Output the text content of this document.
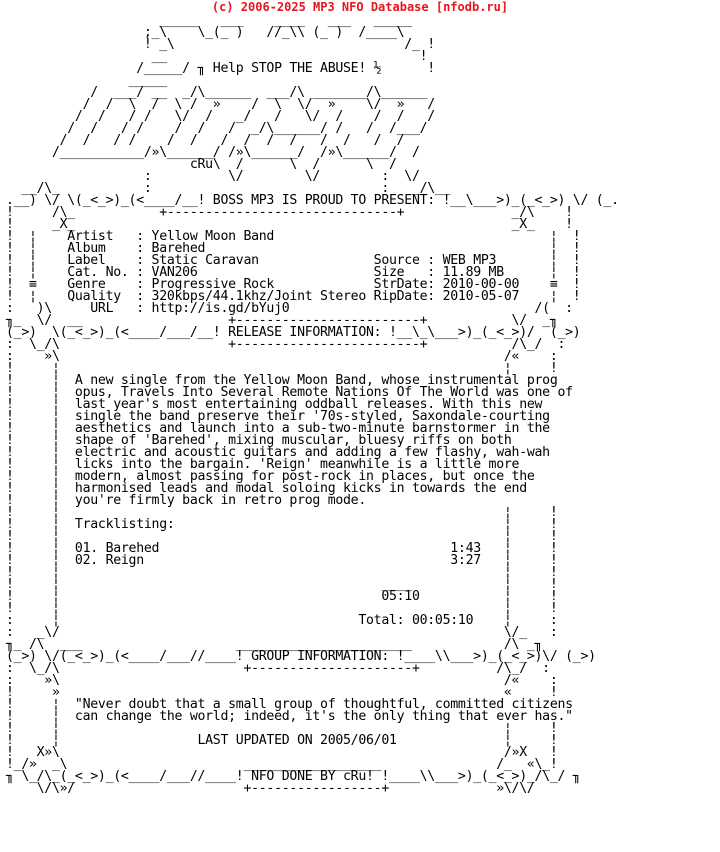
(c) 2006-2025 MP3 NFO Database [nfodb.ru]
_____   ___    ____   ___   _____
;_\    \_(_ )   //_\\ (_ )  /____\
! _\                              /_ !
__                                 !
/_____/ ╖ Help STOP THE ABUSE! ½      !
_____
/  ___/ __  _/\______  ___/\ _______/\______
/  /  \  /  \ /  »    /  \  \/  »    \/  »   /
/  /   / /   \/  /   _/   /   \/  /    /  /   /
/  /   / /    /  /   /  _/\______/ /   /  /___/
/  /   / /    /  /   /  /  /  /   /  /   /  /
/___________/»\______/ /»\______/  /»\______/  /
cRu\  /      \  /      \  /
:          \/        \/        :  \/
__/\_           :                              :   _/\__
.__) \/ \(_<_>)_(<____/__! BOSS MP3 IS PROUD TO PRESENT: !__\___>)_(_<_>) \/ (_.
!     /\_           +------------------------------+              _/\    !
!     _X_                                                         _X_    !
!  ¦    Artist   : Yellow Moon Band                                    ¦  !
!  ¦    Album    : Barehed                                             ¦  !
!  ¦    Label    : Static Caravan               Source : WEB MP3       ¦  !
!  ¦    Cat. No. : VAN206                       Size   : 11.89 MB      ¦  !
!  ≡    Genre    : Progressive Rock             StrDate: 2010-00-00    ≡  !
!  ¦    Quality  : 320kbps/44.1khz/Joint Stereo RipDate: 2010-05-07    ¦  !
:   )\     URL   : http://is.gd/bYuj0                                /(  :
╖_  \/  __                   +------------------------+           \/  _╖
(_>)  \(_<_>)_(<____/___/__! RELEASE INFORMATION: !__\_\___>)_(_<_>)/  (_>)
:  \_/\                      +------------------------+           /\_/  :
:    »\                                                          /«    :
!     ¦                                                          ¦     !
!     ¦  A new single from the Yellow Moon Band, whose instrumental prog
!     ¦  opus, Travels Into Several Remote Nations Of The World was one of
!     ¦  last year's most entertaining oddball releases. With this new
!     ¦  single the band preserve their '70s-styled, Saxondale-courting
!     ¦  aesthetics and launch into a sub-two-minute barnstormer in the
!     ¦  shape of 'Barehed', mixing muscular, bluesy riffs on both
!     ¦  electric and acoustic guitars and adding a few flashy, wah-wah
!     ¦  licks into the bargain. 'Reign' meanwhile is a little more
!     ¦  modern, almost passing for post-rock in places, but once the
!     ¦  harmonised leads and modal soloing kicks in towards the end
!     ¦  you're firmly back in retro prog mode.
!     ¦                                                          ¦     !
!     ¦  Tracklisting:                                           ¦     !
!     ¦                                                          ¦     !
!     ¦  01. Barehed                                      1:43   ¦     !
!     ¦  02. Reign                                        3:27   ¦     !
!     ¦                                                          ¦     !
!     ¦                                          ____            ¦     !
!     ¦                                          05:10           ¦     !
!     ¦                                                          ¦     !
:     ¦                                       Total: 00:05:10    ¦     :
:   _\/                                                          \/_   :
╖_ /\  ___                    _______________________            /\ _╖
(_>) \/(_<_>)_(<____/___//____! GROUP INFORMATION: !____\\___>)_(_<_>)\/ (_>)
:  \_/\                        +---------------------+          /\_/  :
:    »\                                                          /«    :
!     »                                                          «     !
!     ¦  "Never doubt that a small group of thoughtful, committed citizens
!     ¦  can change the world; indeed, it's the only thing that ever has."
!     ¦                                                          ¦     !
!     ¦                  LAST UPDATED ON 2005/06/01              ¦     !
!   X»\                                                          /»X   !
!_/»  _\                       __________________               /_  «\_!
╖ \_/\_(_<_>)_(<____/___//____! NFO DONE BY cRu! !____\\___>)_(_<_>)_/\_/ ╖
\/\»/                      +-----------------+              »\/\/
